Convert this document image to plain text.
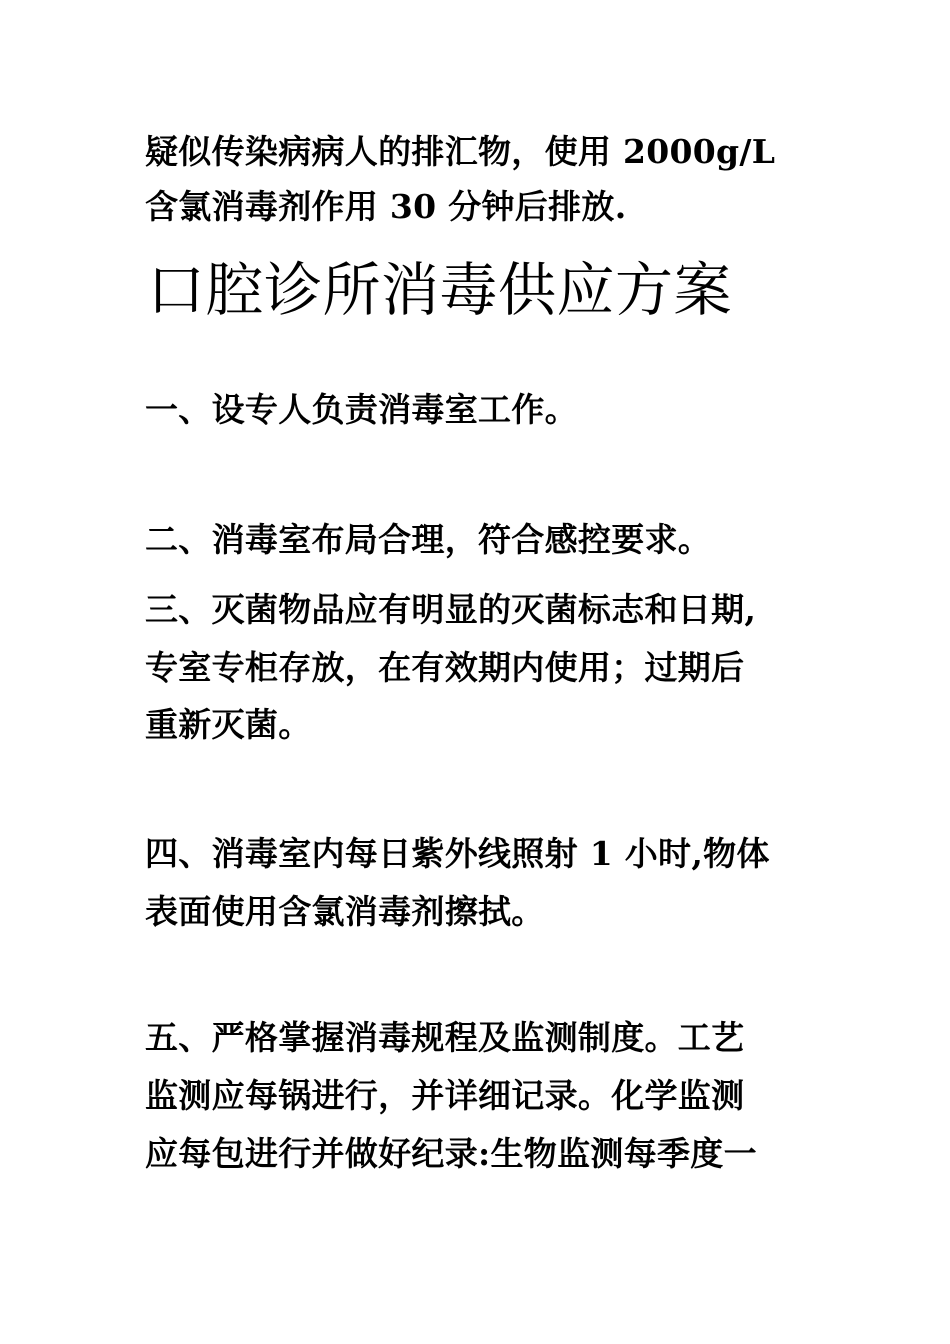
疑似传染病病人的排汇物，使用 2000g/L

含氯消毒剂作用 30 分钟后排放.

口腔诊所消毒供应方案

一、设专人负责消毒室工作。

二、消毒室布局合理，符合感控要求。

三、灭菌物品应有明显的灭菌标志和日期,

专室专柜存放，在有效期内使用；过期后

重新灭菌。

四、消毒室内每日紫外线照射 1 小时,物体

表面使用含氯消毒剂擦拭。

五、严格掌握消毒规程及监测制度。工艺

监测应每锅进行，并详细记录。化学监测

应每包进行并做好纪录:生物监测每季度一
